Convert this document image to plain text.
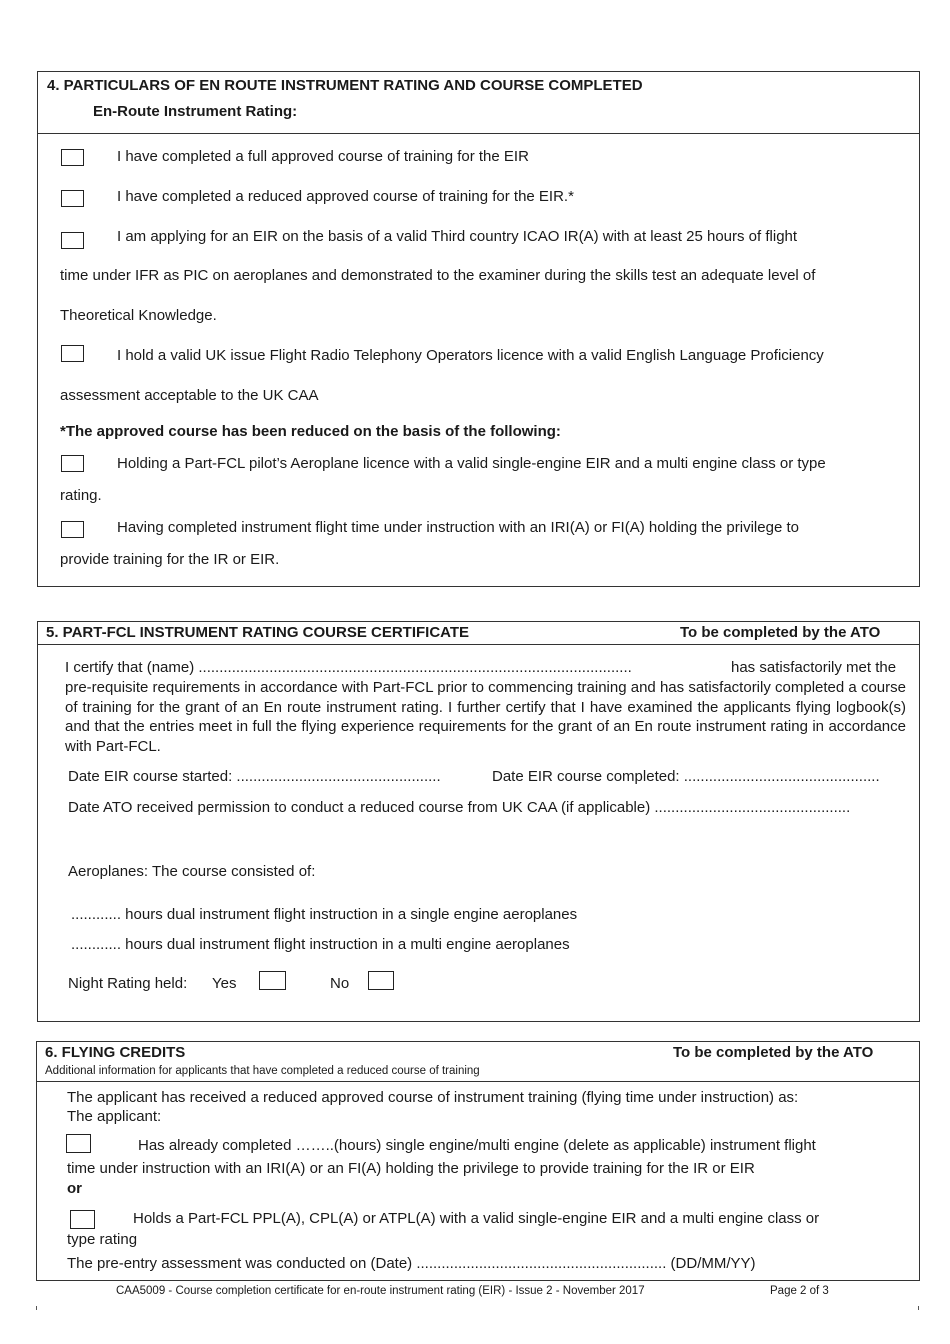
4. PARTICULARS OF EN ROUTE INSTRUMENT RATING AND COURSE COMPLETED
En-Route Instrument Rating:
I have completed a full approved course of training for the EIR
I have completed a reduced approved course of training for the EIR.*
I am applying for an EIR on the basis of a valid Third country ICAO IR(A) with at least 25 hours of flight
time under IFR as PIC on aeroplanes and demonstrated to the examiner during the skills test an adequate level of
Theoretical Knowledge.
I hold a valid UK issue Flight Radio Telephony Operators licence with a valid English Language Proficiency
assessment acceptable to the UK CAA
*The approved course has been reduced on the basis of the following:
Holding a Part-FCL pilot’s Aeroplane licence with a valid single-engine EIR and a multi engine class or type
rating.
Having completed instrument flight time under instruction with an IRI(A) or FI(A) holding the privilege to
provide training for the IR or EIR.
5. PART-FCL INSTRUMENT RATING COURSE CERTIFICATE	To be completed by the ATO
I certify that (name) ........................................................................................................	has satisfactorily met the
pre-requisite requirements in accordance with Part-FCL prior to commencing training and has satisfactorily completed a course of training for the grant of an En route instrument rating. I further certify that I have examined the applicants flying logbook(s) and that the entries meet in full the flying experience requirements for the grant of an En route instrument rating in accordance with Part-FCL.
Date EIR course started: .................................................	Date EIR course completed: ...............................................
Date ATO received permission to conduct a reduced course from UK CAA (if applicable) ...............................................
Aeroplanes: The course consisted of:
............ hours dual instrument flight instruction in a single engine aeroplanes
............ hours dual instrument flight instruction in a multi engine aeroplanes
Night Rating held: Yes	No
6. FLYING CREDITS	To be completed by the ATO
Additional information for applicants that have completed a reduced course of training
The applicant has received a reduced approved course of instrument training (flying time under instruction) as:
The applicant:
Has already completed ……..(hours) single engine/multi engine (delete as applicable) instrument flight
time under instruction with an IRI(A) or an FI(A) holding the privilege to provide training for the IR or EIR
or
Holds a Part-FCL PPL(A), CPL(A) or ATPL(A) with a valid single-engine EIR and a multi engine class or
type rating
The pre-entry assessment was conducted on (Date) ............................................................ (DD/MM/YY)
CAA5009 - Course completion certificate for en-route instrument rating (EIR) - Issue 2 - November 2017	Page 2 of 3
